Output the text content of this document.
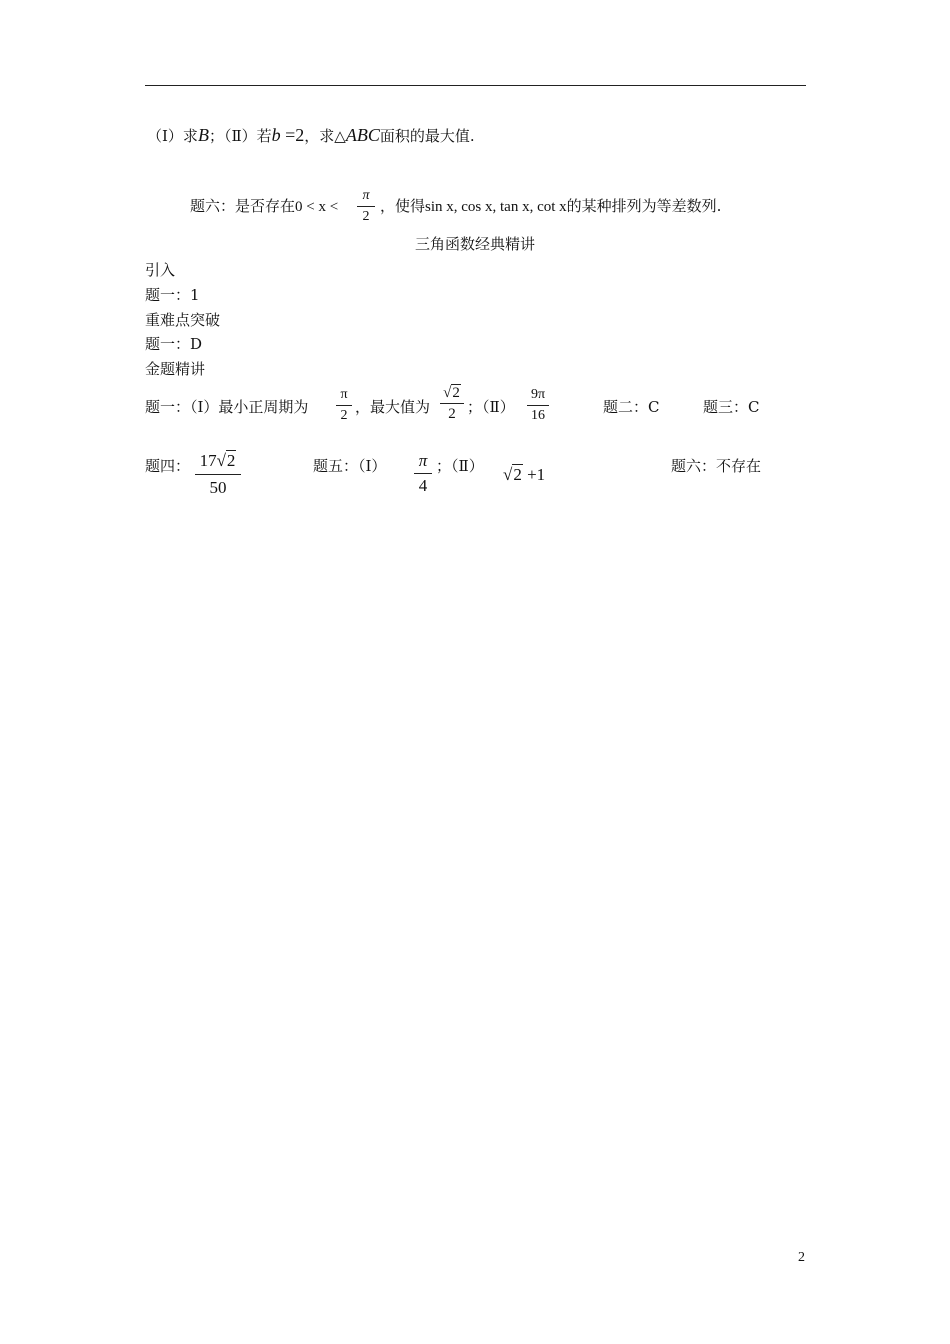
（Ⅰ）求B；（Ⅱ）若b =2，求△ABC面积的最大值.
题六：是否存在0 < x <
π
2
，使得sin x, cos x, tan x, cot x的某种排列为等差数列.
三角函数经典精讲
引入
题一：1
重难点突破
题一：D
金题精讲
题一：（Ⅰ）最小正周期为
π
2 ，最大值为
√2
2 ；（Ⅱ）
9π
16	题二：C	题三：C
题四： 17√2
50
题五：（Ⅰ） π
4
；（Ⅱ） √2 +1	题六：不存在
2
